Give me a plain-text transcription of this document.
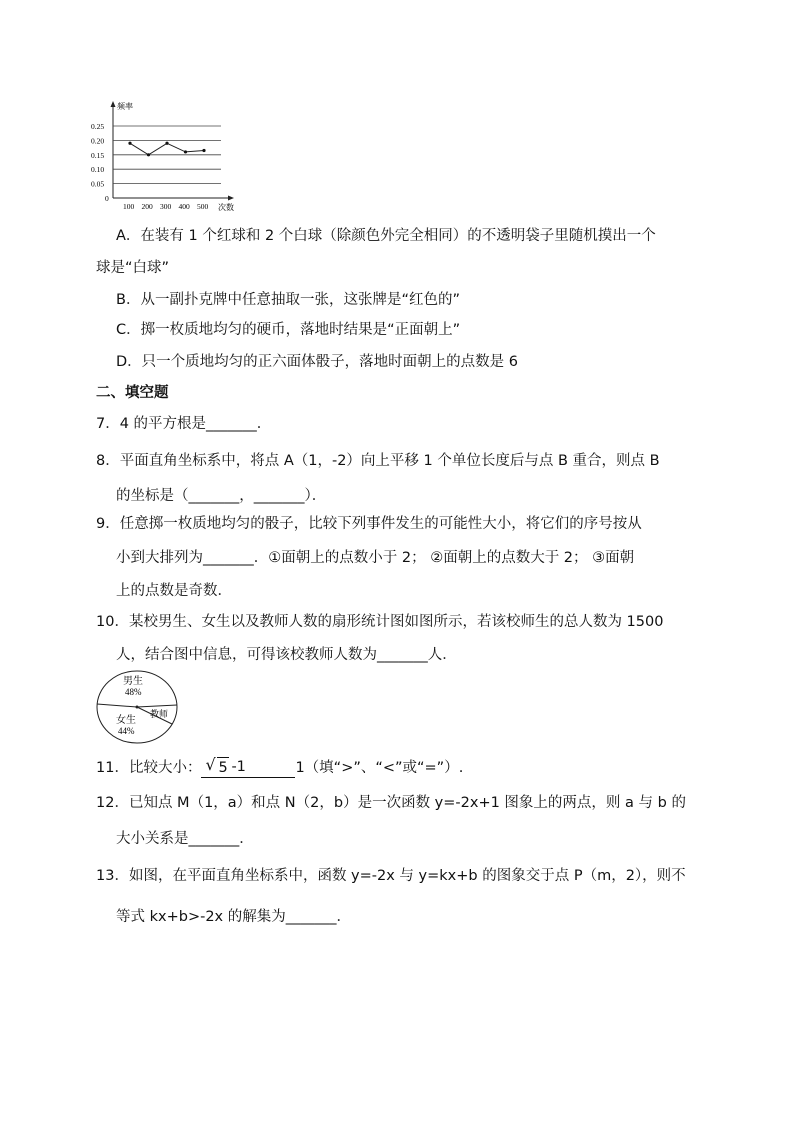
0.25
0.20
0.15
0.10
0.05
0
100 200 300 400 500
频率
次数
A．在装有 1 个红球和 2 个白球（除颜色外完全相同）的不透明袋子里随机摸出一个
球是“白球”
B．从一副扑克牌中任意抽取一张，这张牌是“红色的”
C．掷一枚质地均匀的硬币，落地时结果是“正面朝上”
D．只一个质地均匀的正六面体骰子，落地时面朝上的点数是 6
二、填空题
7．4 的平方根是_______．
8．平面直角坐标系中，将点 A（1，-2）向上平移 1 个单位长度后与点 B 重合，则点 B
的坐标是（_______，_______）．
9．任意掷一枚质地均匀的骰子，比较下列事件发生的可能性大小，将它们的序号按从
小到大排列为_______．①面朝上的点数小于 2； ②面朝上的点数大于 2； ③面朝
上的点数是奇数．
10．某校男生、女生以及教师人数的扇形统计图如图所示，若该校师生的总人数为 1500
人，结合图中信息，可得该校教师人数为_______人．
男生
48%
女生
44%
教师
11．比较大小： √ 5 -1	1（填“>”、“<”或“=”）.
12．已知点 M（1，a）和点 N（2，b）是一次函数 y=-2x+1 图象上的两点，则 a 与 b 的
大小关系是_______．
13．如图，在平面直角坐标系中，函数 y=-2x 与 y=kx+b 的图象交于点 P（m，2），则不
等式 kx+b>-2x 的解集为_______．
